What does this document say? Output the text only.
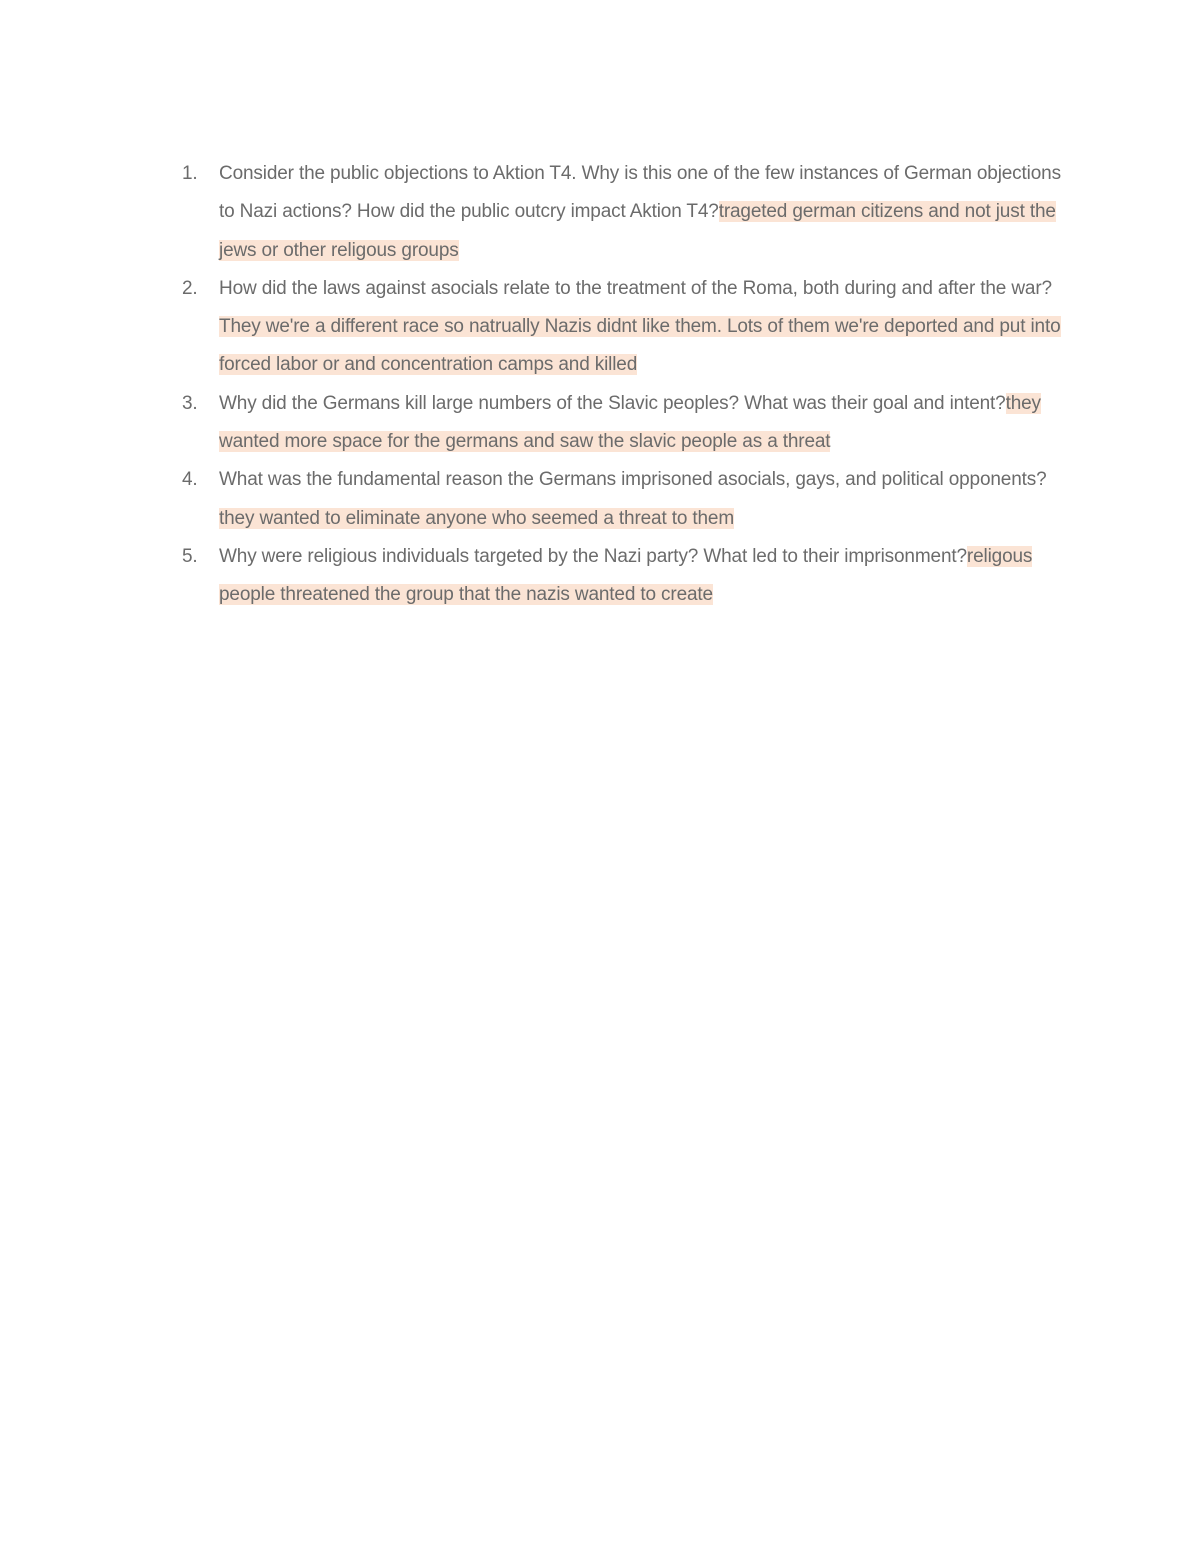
1.	Consider the public objections to Aktion T4. Why is this one of the few instances of German objections to Nazi actions? How did the public outcry impact Aktion T4?trageted german citizens and not just the jews or other religous groups
2.	How did the laws against asocials relate to the treatment of the Roma, both during and after the war?They we're a different race so natrually Nazis didnt like them. Lots of them we're deported and put into forced labor or and concentration camps and killed
3.	Why did the Germans kill large numbers of the Slavic peoples? What was their goal and intent?they wanted more space for the germans and saw the slavic people as a threat
4.	What was the fundamental reason the Germans imprisoned asocials, gays, and political opponents?they wanted to eliminate anyone who seemed a threat to them
5.	Why were religious individuals targeted by the Nazi party? What led to their imprisonment?religous people threatened the group that the nazis wanted to create
